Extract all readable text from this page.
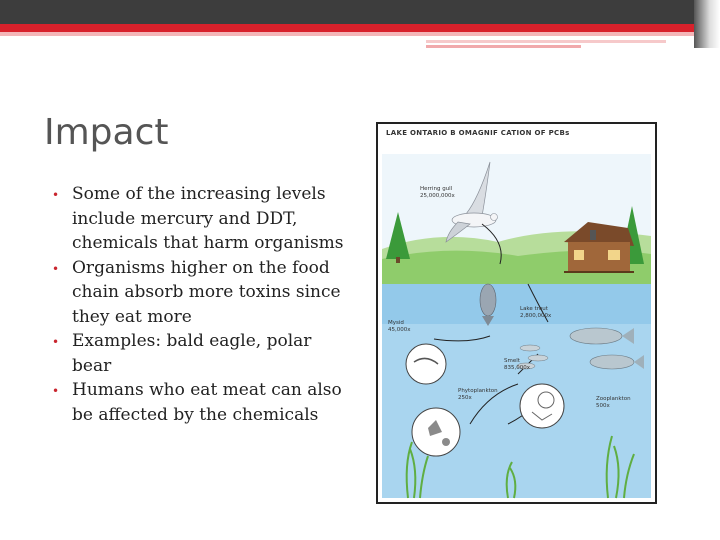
Impact
• Some of the increasing levels include mercury and DDT, chemicals that harm organisms
• Organisms higher on the food chain absorb more toxins since they eat more
• Examples: bald eagle, polar bear
• Humans who eat meat can also be affected by the chemicals
LAKE ONTARIO B OMAGNIF CATION OF PCBs
Herring gull
25,000,000x
Lake trout
2,800,000x
Mysid
45,000x
Smelt
835,000x
Phytoplankton
250x	Zooplankton
500x
